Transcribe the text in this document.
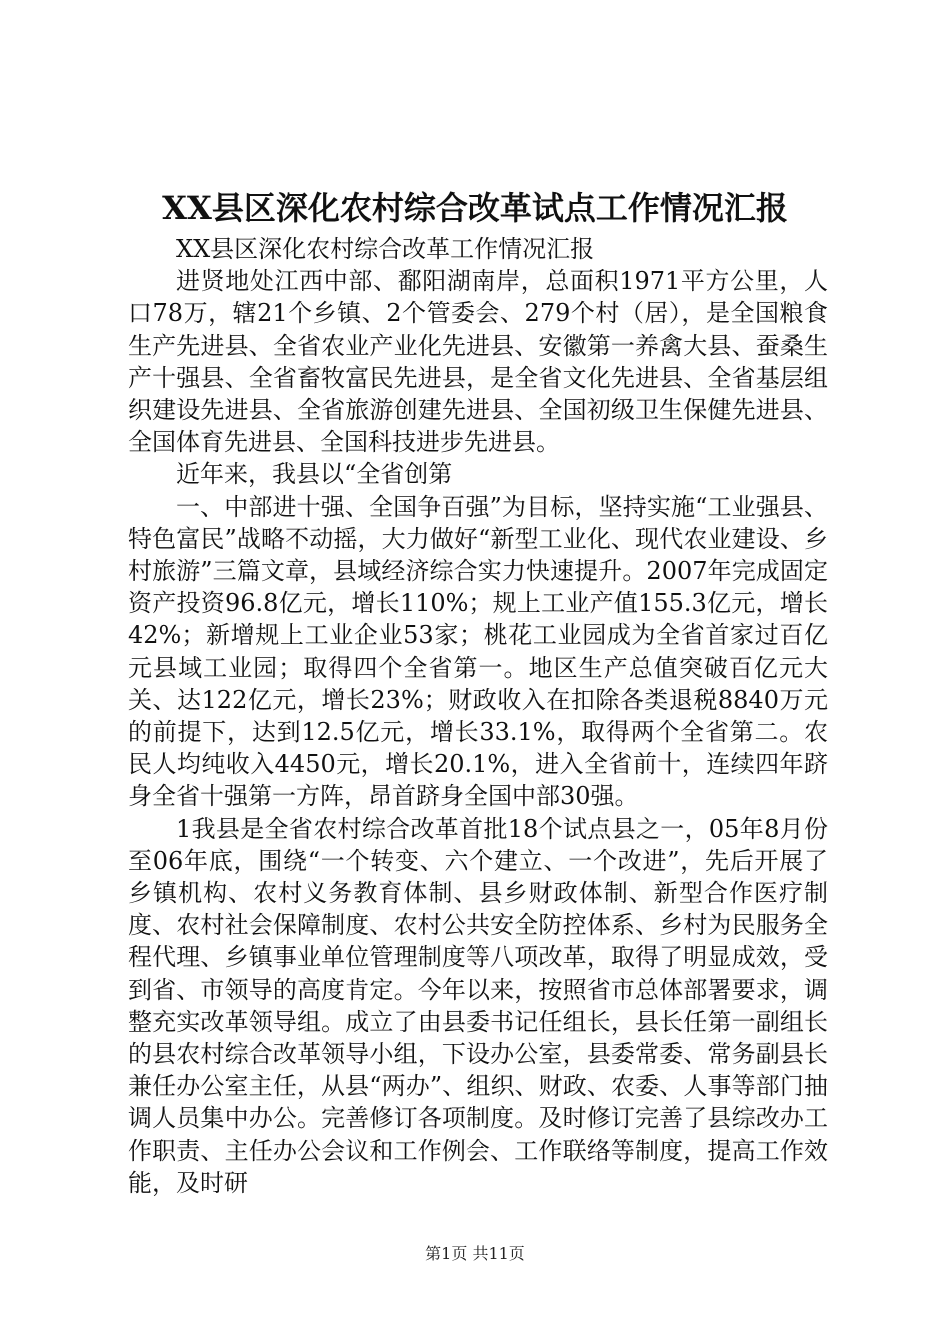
XX县区深化农村综合改革试点工作情况汇报

XX县区深化农村综合改革工作情况汇报

进贤地处江西中部、鄱阳湖南岸，总面积1971平方公里，人口78万，辖21个乡镇、2个管委会、279个村（居），是全国粮食生产先进县、全省农业产业化先进县、安徽第一养禽大县、蚕桑生产十强县、全省畜牧富民先进县，是全省文化先进县、全省基层组织建设先进县、全省旅游创建先进县、全国初级卫生保健先进县、全国体育先进县、全国科技进步先进县。

近年来，我县以“全省创第

一、中部进十强、全国争百强”为目标，坚持实施“工业强县、特色富民”战略不动摇，大力做好“新型工业化、现代农业建设、乡村旅游”三篇文章，县域经济综合实力快速提升。2007年完成固定资产投资96.8亿元，增长110%；规上工业产值155.3亿元，增长42%；新增规上工业企业53家；桃花工业园成为全省首家过百亿元县域工业园；取得四个全省第一。地区生产总值突破百亿元大关、达122亿元，增长23%；财政收入在扣除各类退税8840万元的前提下，达到12.5亿元，增长33.1%，取得两个全省第二。农民人均纯收入4450元，增长20.1%，进入全省前十，连续四年跻身全省十强第一方阵，昂首跻身全国中部30强。

1我县是全省农村综合改革首批18个试点县之一，05年8月份至06年底，围绕“一个转变、六个建立、一个改进”，先后开展了乡镇机构、农村义务教育体制、县乡财政体制、新型合作医疗制度、农村社会保障制度、农村公共安全防控体系、乡村为民服务全程代理、乡镇事业单位管理制度等八项改革，取得了明显成效，受到省、市领导的高度肯定。今年以来，按照省市总体部署要求，调整充实改革领导组。成立了由县委书记任组长，县长任第一副组长的县农村综合改革领导小组，下设办公室，县委常委、常务副县长兼任办公室主任，从县“两办”、组织、财政、农委、人事等部门抽调人员集中办公。完善修订各项制度。及时修订完善了县综改办工作职责、主任办公会议和工作例会、工作联络等制度，提高工作效能，及时研

第1页 共11页
